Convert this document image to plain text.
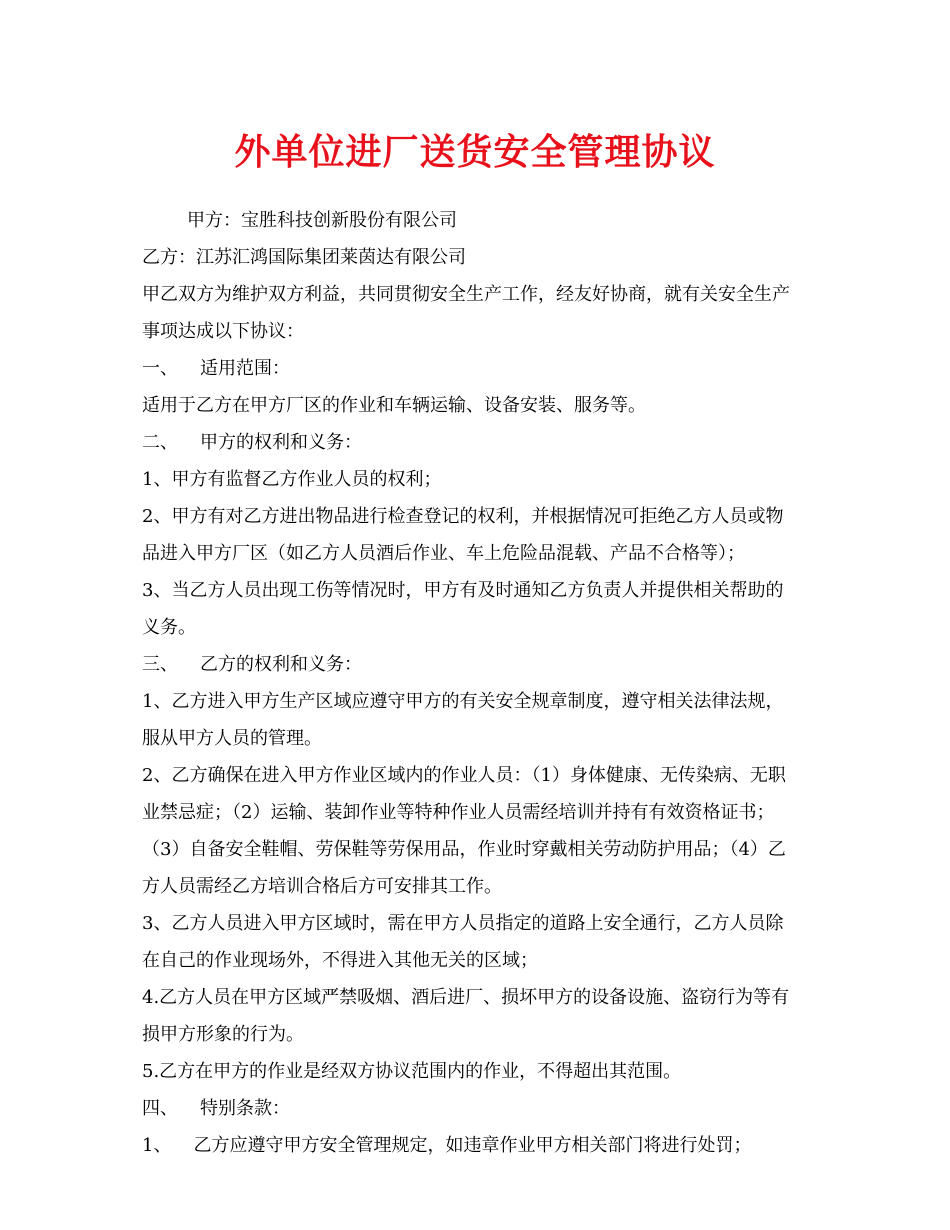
外单位进厂送货安全管理协议

甲方：宝胜科技创新股份有限公司

乙方：江苏汇鸿国际集团莱茵达有限公司

甲乙双方为维护双方利益，共同贯彻安全生产工作，经友好协商，就有关安全生产

事项达成以下协议：

一、 适用范围：

适用于乙方在甲方厂区的作业和车辆运输、设备安装、服务等。

二、 甲方的权利和义务：

1、甲方有监督乙方作业人员的权利；

2、甲方有对乙方进出物品进行检查登记的权利，并根据情况可拒绝乙方人员或物

品进入甲方厂区（如乙方人员酒后作业、车上危险品混载、产品不合格等）；

3、当乙方人员出现工伤等情况时，甲方有及时通知乙方负责人并提供相关帮助的

义务。

三、 乙方的权利和义务：

1、乙方进入甲方生产区域应遵守甲方的有关安全规章制度，遵守相关法律法规，

服从甲方人员的管理。

2、乙方确保在进入甲方作业区域内的作业人员：（1）身体健康、无传染病、无职

业禁忌症；（2）运输、装卸作业等特种作业人员需经培训并持有有效资格证书；

（3）自备安全鞋帽、劳保鞋等劳保用品，作业时穿戴相关劳动防护用品；（4）乙

方人员需经乙方培训合格后方可安排其工作。

3、乙方人员进入甲方区域时，需在甲方人员指定的道路上安全通行，乙方人员除

在自己的作业现场外，不得进入其他无关的区域；

4.乙方人员在甲方区域严禁吸烟、酒后进厂、损坏甲方的设备设施、盗窃行为等有

损甲方形象的行为。

5.乙方在甲方的作业是经双方协议范围内的作业，不得超出其范围。

四、 特别条款：

1、 乙方应遵守甲方安全管理规定，如违章作业甲方相关部门将进行处罚；
